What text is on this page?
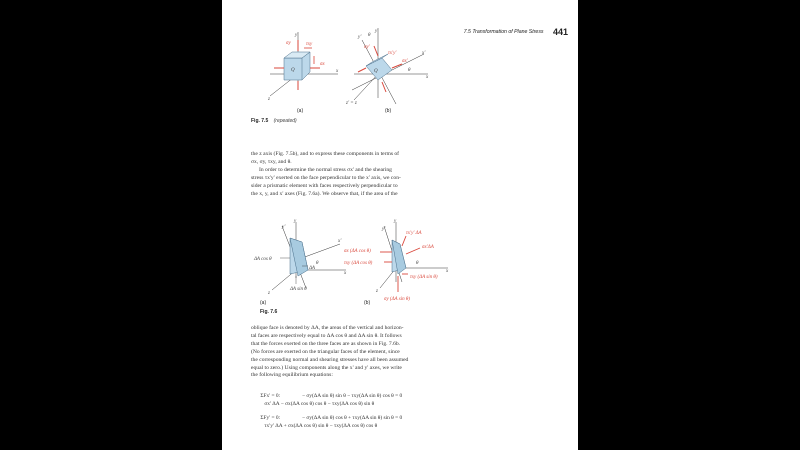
7.5 Transformation of Plane Stress 441
y
σy	τxy
σx
Q	x
z
(a)
y
y' θ
σy'
τx'y'
σx'
x'
Q	θ
x
z' = z
(b)
Fig. 7.5 (repeated)

the z axis (Fig. 7.5b), and to express these components in terms of

σx, σy, τxy, and θ.

In order to determine the normal stress σx' and the shearing

stress τx'y' exerted on the face perpendicular to the x' axis, we con-

sider a prismatic element with faces respectively perpendicular to

the x, y, and x' axes (Fig. 7.6a). We observe that, if the area of the

y'
y
x'
ΔA cos θ
ΔA
θ
x
z
ΔA sin θ
(a)
Fig. 7.6
y'
y
τx'y' ΔA
σx'ΔA
σx (ΔA cos θ)
τxy (ΔA cos θ)	θ
x
z
τxy (ΔA sin θ)
σy (ΔA sin θ)
(b)

oblique face is denoted by ΔA, the areas of the vertical and horizon-

tal faces are respectively equal to ΔA cos θ and ΔA sin θ. It follows

that the forces exerted on the three faces are as shown in Fig. 7.6b.

(No forces are exerted on the triangular faces of the element, since

the corresponding normal and shearing stresses have all been assumed

equal to zero.) Using components along the x' and y' axes, we write

the following equilibrium equations:

ΣFx' = 0:
σx' ΔA − σx(ΔA cos θ) cos θ − τxy(ΔA cos θ) sin θ

− σy(ΔA sin θ) sin θ − τxy(ΔA sin θ) cos θ = 0

ΣFy' = 0:
τx'y' ΔA + σx(ΔA cos θ) sin θ − τxy(ΔA cos θ) cos θ

− σy(ΔA sin θ) cos θ + τxy(ΔA sin θ) sin θ = 0
